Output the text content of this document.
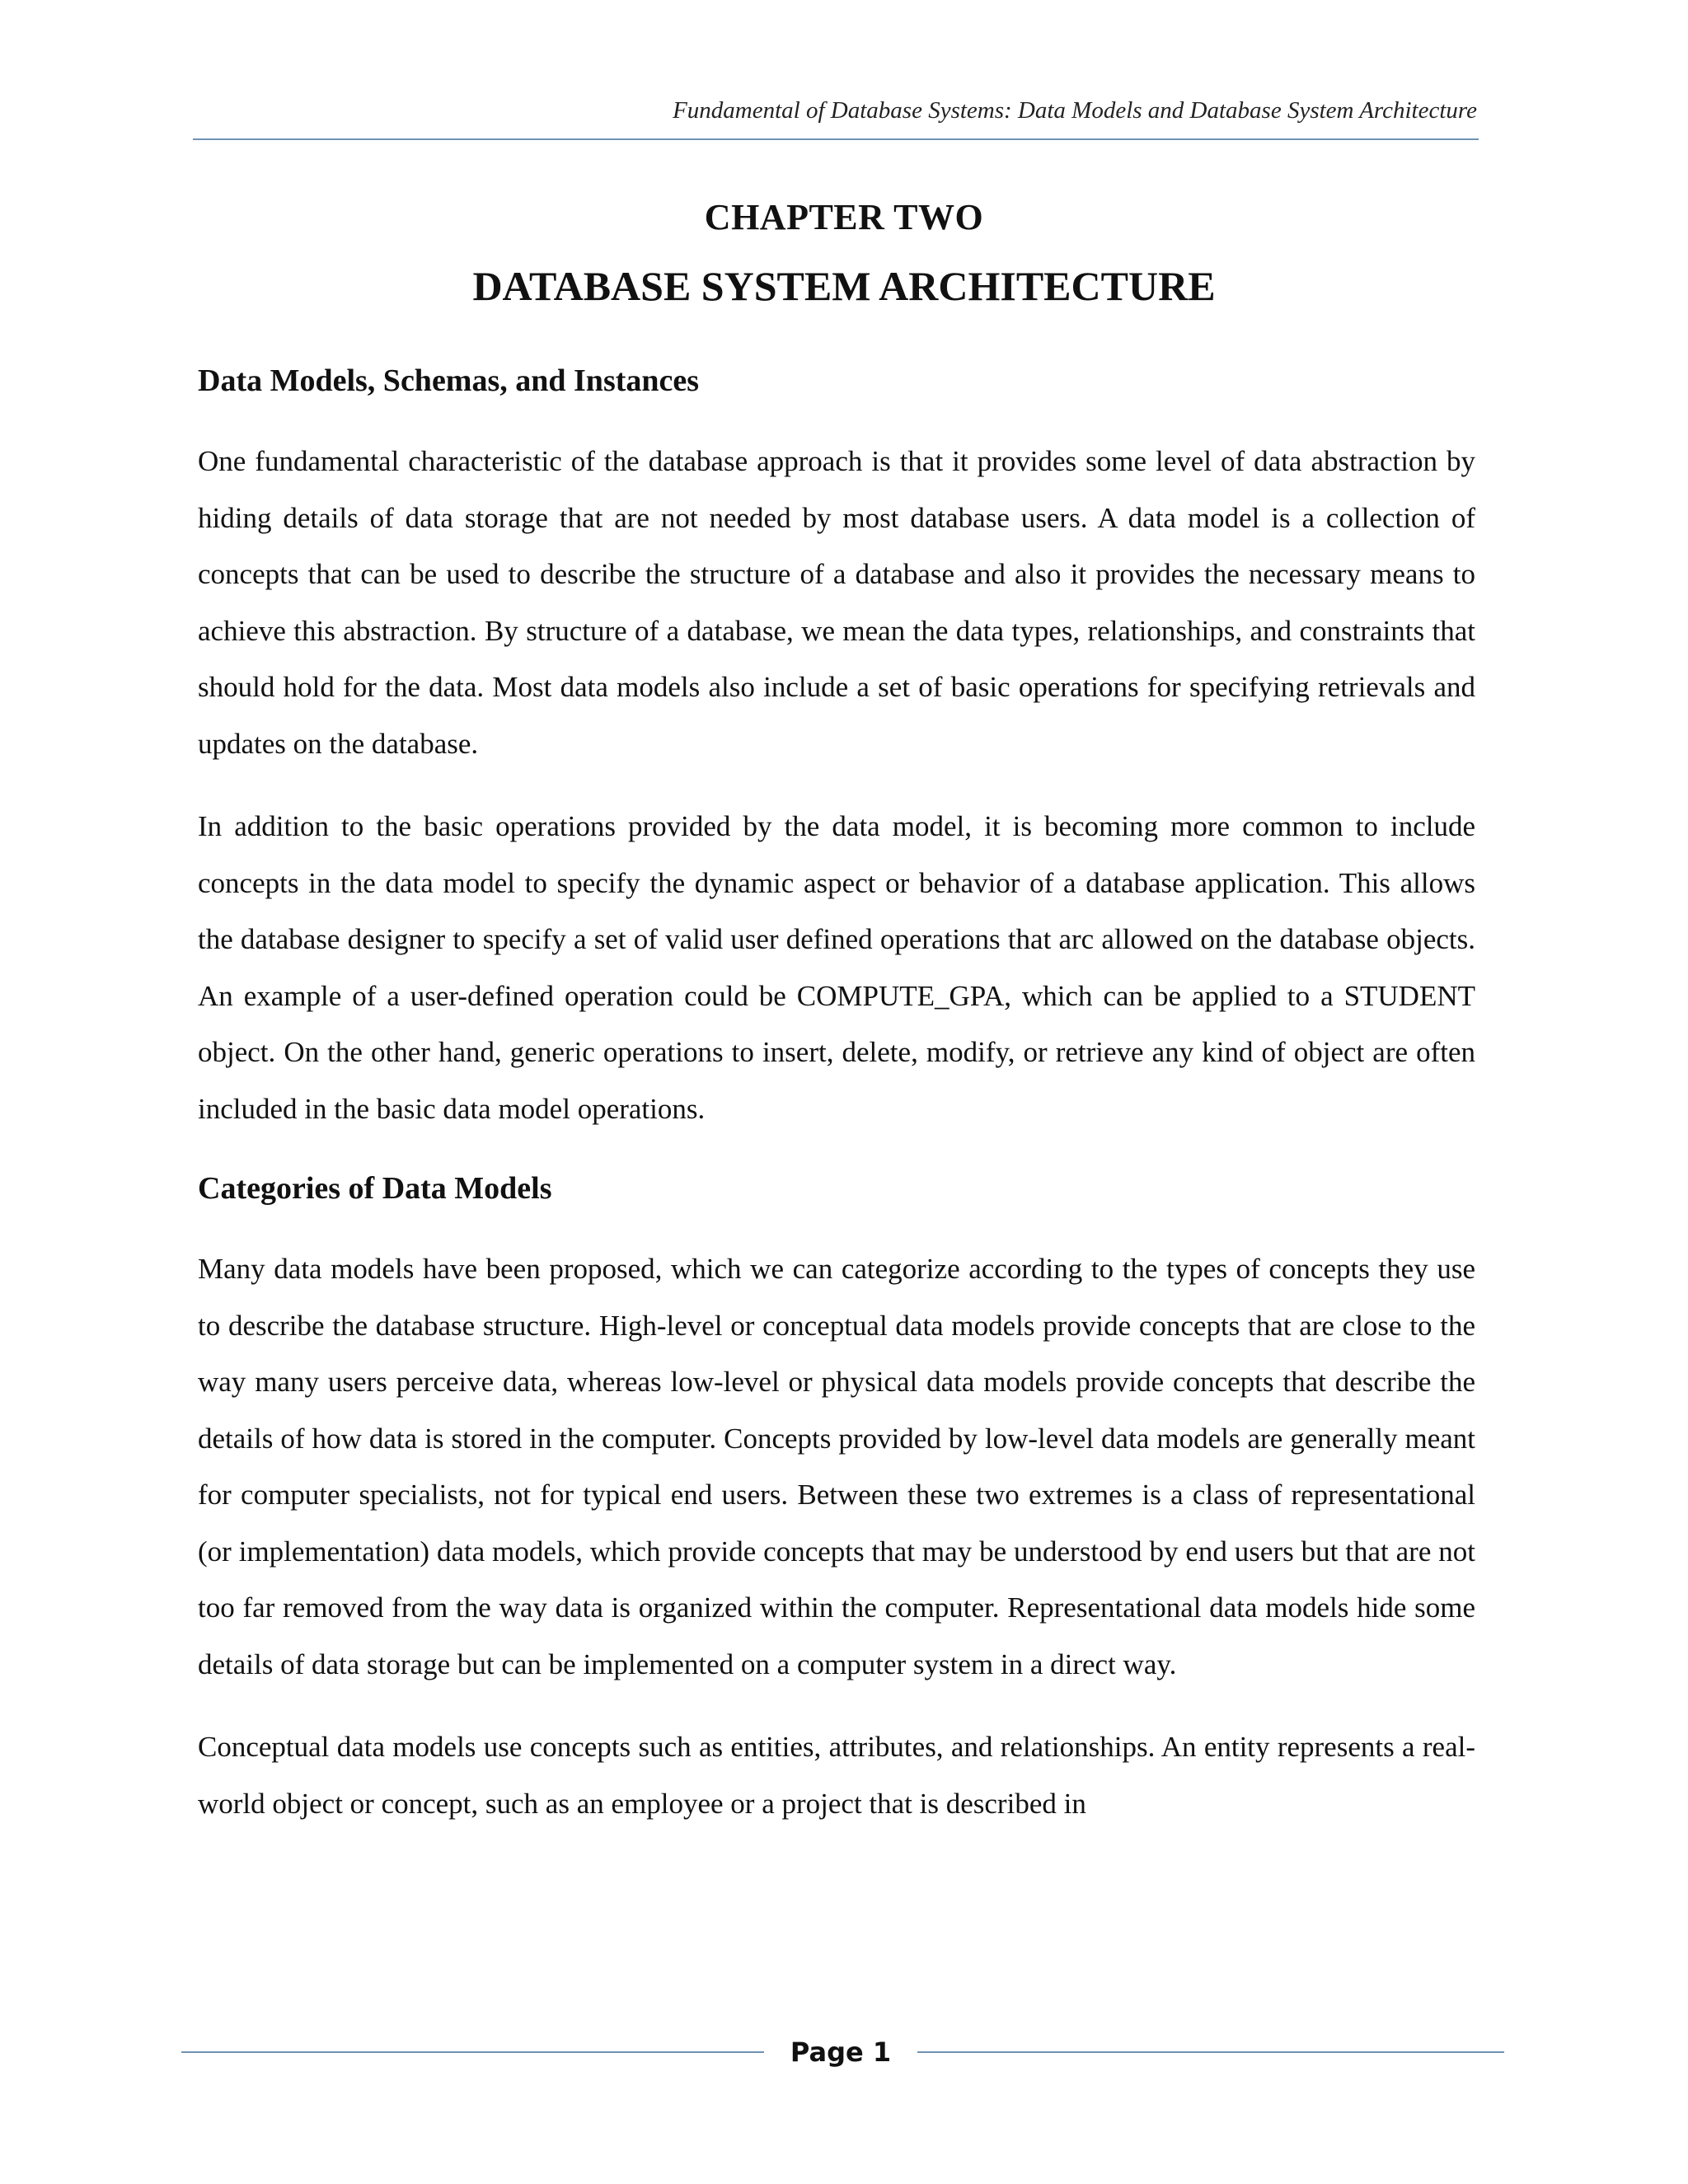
Fundamental of Database Systems: Data Models and Database System Architecture
CHAPTER TWO
DATABASE SYSTEM ARCHITECTURE
Data Models, Schemas, and Instances

One fundamental characteristic of the database approach is that it provides some level of data abstraction by hiding details of data storage that are not needed by most database users. A data model is a collection of concepts that can be used to describe the structure of a database and also it provides the necessary means to achieve this abstraction. By structure of a database, we mean the data types, relationships, and constraints that should hold for the data. Most data models also include a set of basic operations for specifying retrievals and updates on the database.

In addition to the basic operations provided by the data model, it is becoming more common to include concepts in the data model to specify the dynamic aspect or behavior of a database application. This allows the database designer to specify a set of valid user defined operations that arc allowed on the database objects. An example of a user-defined operation could be COMPUTE_GPA, which can be applied to a STUDENT object. On the other hand, generic operations to insert, delete, modify, or retrieve any kind of object are often included in the basic data model operations.

Categories of Data Models

Many data models have been proposed, which we can categorize according to the types of concepts they use to describe the database structure. High-level or conceptual data models provide concepts that are close to the way many users perceive data, whereas low-level or physical data models provide concepts that describe the details of how data is stored in the computer. Concepts provided by low-level data models are generally meant for computer specialists, not for typical end users. Between these two extremes is a class of representational (or implementation) data models, which provide concepts that may be understood by end users but that are not too far removed from the way data is organized within the computer. Representational data models hide some details of data storage but can be implemented on a computer system in a direct way.

Conceptual data models use concepts such as entities, attributes, and relationships. An entity represents a real-world object or concept, such as an employee or a project that is described in

Page 1
